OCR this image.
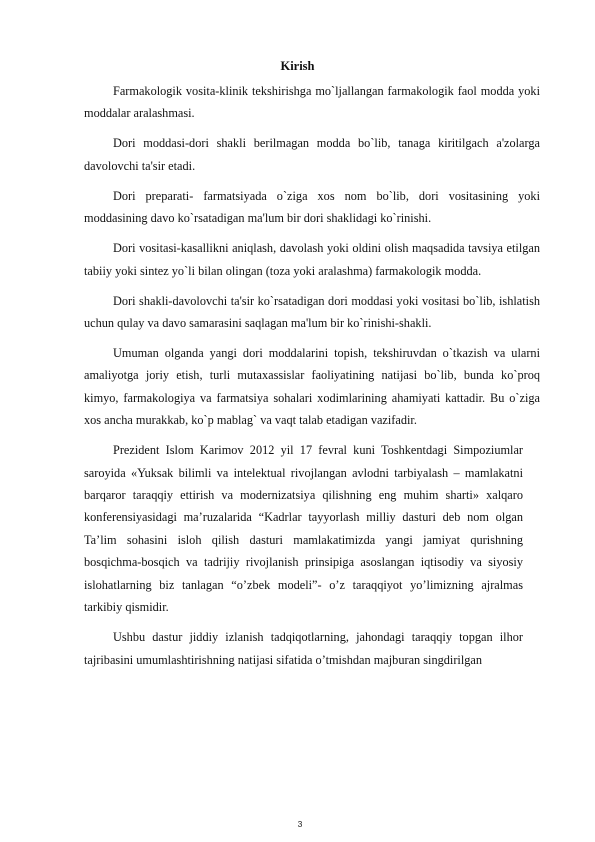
Kirish

Farmakologik vosita-klinik tekshirishga mo`ljallangan farmakologik faol modda yoki moddalar aralashmasi.

Dori moddasi-dori shakli berilmagan modda bo`lib, tanaga kiritilgach a'zolarga davolovchi ta'sir etadi.

Dori preparati- farmatsiyada o`ziga xos nom bo`lib, dori vositasining yoki moddasining davo ko`rsatadigan ma'lum bir dori shaklidagi ko`rinishi.

Dori vositasi-kasallikni aniqlash, davolash yoki oldini olish maqsadida tavsiya etilgan tabiiy yoki sintez yo`li bilan olingan (toza yoki aralashma) farmakologik modda.

Dori shakli-davolovchi ta'sir ko`rsatadigan dori moddasi yoki vositasi bo`lib, ishlatish uchun qulay va davo samarasini saqlagan ma'lum bir ko`rinishi-shakli.

Umuman olganda yangi dori moddalarini topish, tekshiruvdan o`tkazish va ularni amaliyotga joriy etish, turli mutaxassislar faoliyatining natijasi bo`lib, bunda ko`proq kimyo, farmakologiya va farmatsiya sohalari xodimlarining ahamiyati kattadir. Bu o`ziga xos ancha murakkab, ko`p mablag` va vaqt talab etadigan vazifadir.

Prezident Islom Karimov 2012 yil 17 fevral kuni Toshkentdagi Simpoziumlar saroyida «Yuksak bilimli va intelektual rivojlangan avlodni tarbiyalash – mamlakatni barqaror taraqqiy ettirish va modernizatsiya qilishning eng muhim sharti» xalqaro konferensiyasidagi ma’ruzalarida “Kadrlar tayyorlash milliy dasturi deb nom olgan Ta’lim sohasini isloh qilish dasturi mamlakatimizda yangi jamiyat qurishning bosqichma-bosqich va tadrijiy rivojlanish prinsipiga asoslangan iqtisodiy va siyosiy islohatlarning biz tanlagan “o’zbek modeli”- o’z taraqqiyot yo’limizning ajralmas tarkibiy qismidir.

Ushbu dastur jiddiy izlanish tadqiqotlarning, jahondagi taraqqiy topgan ilhor tajribasini umumlashtirishning natijasi sifatida o’tmishdan majburan singdirilgan

3
